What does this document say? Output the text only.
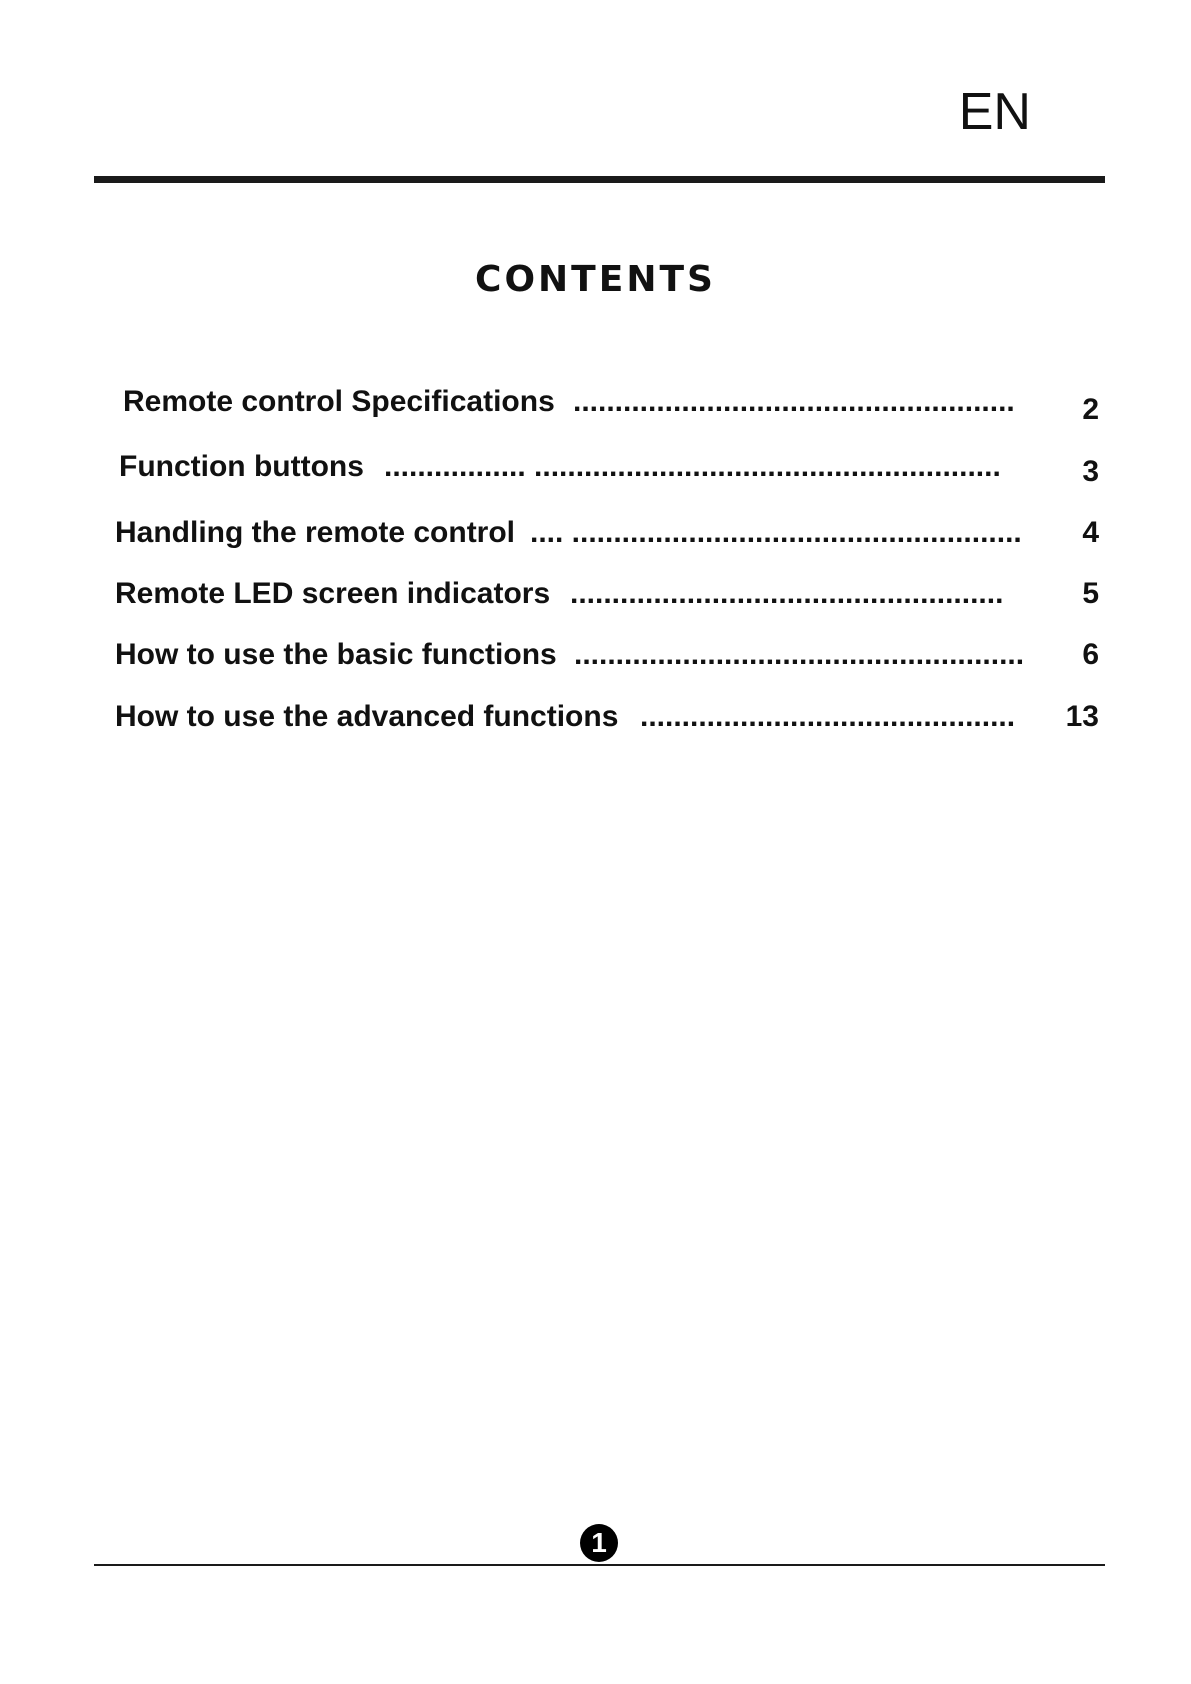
EN
CONTENTS
Remote control Specifications .....................................................	2
Function buttons ................. ........................................................	3
Handling the remote control .... ......................................................	4
Remote LED screen indicators ....................................................	5
How to use the basic functions ......................................................	6
How to use the advanced functions .............................................	13
1
